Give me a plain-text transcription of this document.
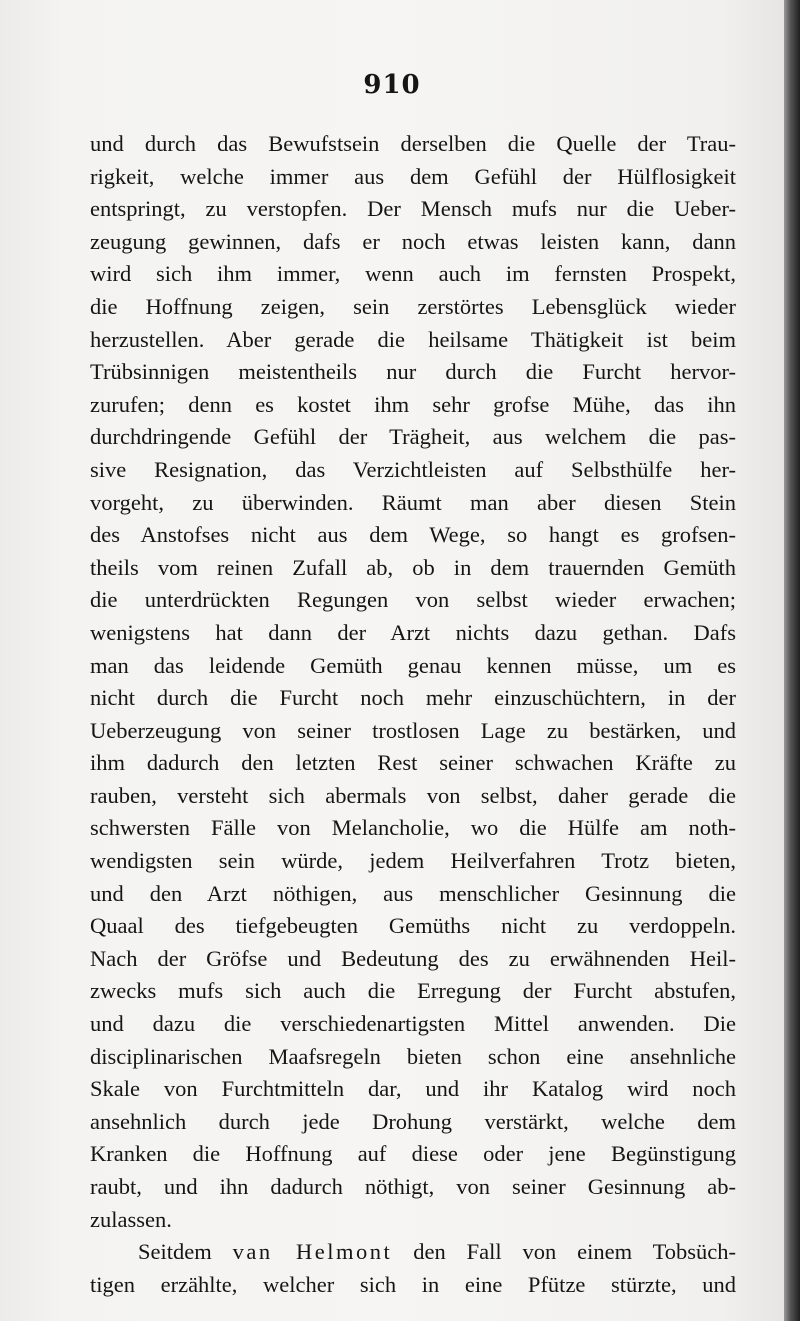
910
und durch das Bewufstsein derselben die Quelle der Trau-
rigkeit, welche immer aus dem Gefühl der Hülflosigkeit
entspringt, zu verstopfen. Der Mensch mufs nur die Ueber-
zeugung gewinnen, dafs er noch etwas leisten kann, dann
wird sich ihm immer, wenn auch im fernsten Prospekt,
die Hoffnung zeigen, sein zerstörtes Lebensglück wieder
herzustellen. Aber gerade die heilsame Thätigkeit ist beim
Trübsinnigen meistentheils nur durch die Furcht hervor-
zurufen; denn es kostet ihm sehr grofse Mühe, das ihn
durchdringende Gefühl der Trägheit, aus welchem die pas-
sive Resignation, das Verzichtleisten auf Selbsthülfe her-
vorgeht, zu überwinden. Räumt man aber diesen Stein
des Anstofses nicht aus dem Wege, so hangt es grofsen-
theils vom reinen Zufall ab, ob in dem trauernden Gemüth
die unterdrückten Regungen von selbst wieder erwachen;
wenigstens hat dann der Arzt nichts dazu gethan. Dafs
man das leidende Gemüth genau kennen müsse, um es
nicht durch die Furcht noch mehr einzuschüchtern, in der
Ueberzeugung von seiner trostlosen Lage zu bestärken, und
ihm dadurch den letzten Rest seiner schwachen Kräfte zu
rauben, versteht sich abermals von selbst, daher gerade die
schwersten Fälle von Melancholie, wo die Hülfe am noth-
wendigsten sein würde, jedem Heilverfahren Trotz bieten,
und den Arzt nöthigen, aus menschlicher Gesinnung die
Quaal des tiefgebeugten Gemüths nicht zu verdoppeln.
Nach der Gröfse und Bedeutung des zu erwähnenden Heil-
zwecks mufs sich auch die Erregung der Furcht abstufen,
und dazu die verschiedenartigsten Mittel anwenden. Die
disciplinarischen Maafsregeln bieten schon eine ansehnliche
Skale von Furchtmitteln dar, und ihr Katalog wird noch
ansehnlich durch jede Drohung verstärkt, welche dem
Kranken die Hoffnung auf diese oder jene Begünstigung
raubt, und ihn dadurch nöthigt, von seiner Gesinnung ab-
zulassen.
Seitdem van Helmont den Fall von einem Tobsüch-
tigen erzählte, welcher sich in eine Pfütze stürzte, und
